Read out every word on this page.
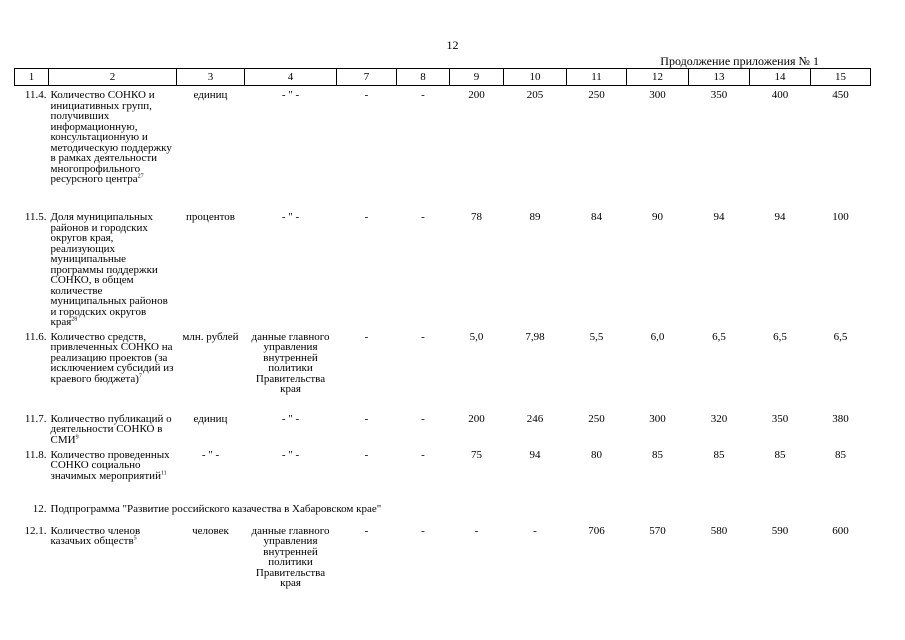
12
Продолжение приложения № 1
1	2	3	4	7	8	9	10	11	12	13	14	15
11.4.	Количество СОНКО и инициативных групп, получивших информационную, консультационную и методическую поддержку в рамках деятельности многопрофильного ресурсного центра$^{27}$	единиц	- " -	-	-	200	205	250	300	350	400	450
11.5.	Доля муниципальных районов и городских округов края, реализующих муниципальные программы поддержки СОНКО, в общем количестве муниципальных районов и городских округов края$^{28}$	процентов	- " -	-	-	78	89	84	90	94	94	100
11.6.	Количество средств, привлеченных СОНКО на реализацию проектов (за исключением субсидий из краевого бюджета)$^7$	млн. рублей	данные главного управления внутренней политики Правительства края	-	-	5,0	7,98	5,5	6,0	6,5	6,5	6,5
11.7.	Количество публикаций о деятельности СОНКО в СМИ$^9$	единиц	- " -	-	-	200	246	250	300	320	350	380
11.8.	Количество проведенных СОНКО социально значимых мероприятий$^{11}$	- " -	- " -	-	-	75	94	80	85	85	85	85
12.	Подпрограмма "Развитие российского казачества в Хабаровском крае"											
12.1.	Количество членов казачьих обществ$^5$	человек	данные главного управления внутренней политики Правительства края	-	-	-	-	706	570	580	590	600
